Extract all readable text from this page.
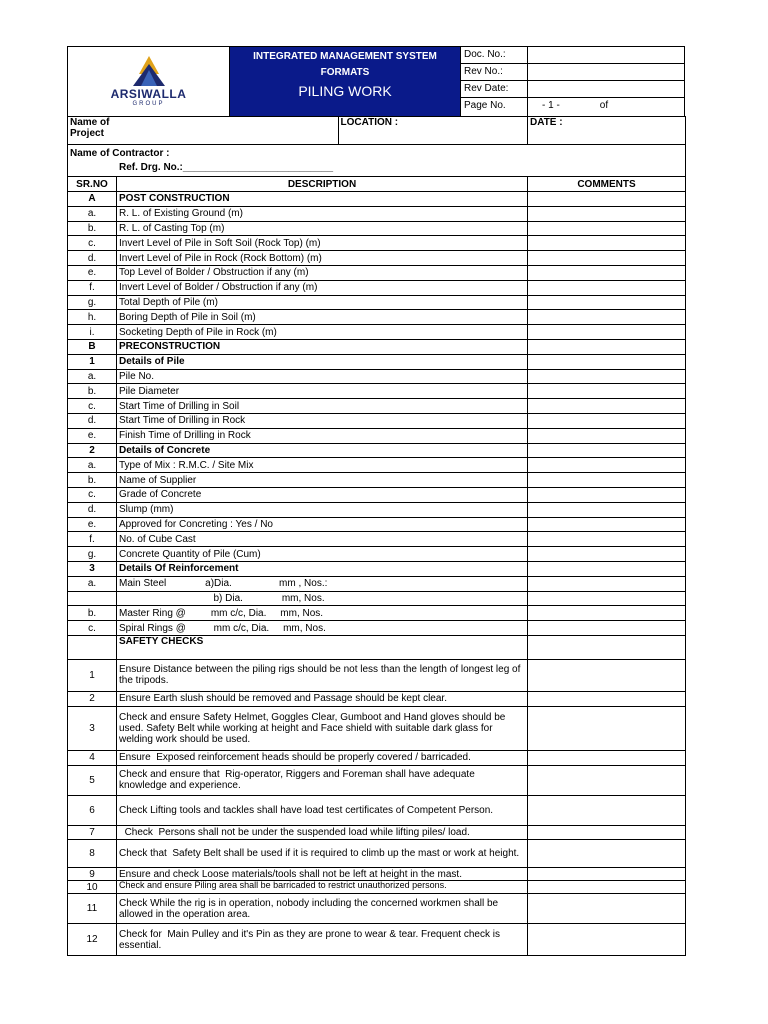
ARSIWALLA
GROUP
INTEGRATED MANAGEMENT SYSTEM
FORMATS
PILING WORK
Doc. No.:
Rev No.:
Rev Date:
Page No.	- 1 -	of
Name of Project	LOCATION :	DATE :

Name of Contractor :
Ref. Drg. No.:___________________________		

SR.NO	DESCRIPTION	COMMENTS
A	POST CONSTRUCTION	
a.	R. L. of Existing Ground (m)	
b.	R. L. of Casting Top (m)	
c.	Invert Level of Pile in Soft Soil (Rock Top) (m)	
d.	Invert Level of Pile in Rock (Rock Bottom) (m)	
e.	Top Level of Bolder / Obstruction if any (m)	
f.	Invert Level of Bolder / Obstruction if any (m)	
g.	Total Depth of Pile (m)	
h.	Boring Depth of Pile in Soil (m)	
i.	Socketing Depth of Pile in Rock (m)	
B	PRECONSTRUCTION	
1	Details of Pile	
a.	Pile No.	
b.	Pile Diameter	
c.	Start Time of Drilling in Soil	
d.	Start Time of Drilling in Rock	
e.	Finish Time of Drilling in Rock	
2	Details of Concrete	
a.	Type of Mix : R.M.C. / Site Mix	
b.	Name of Supplier	
c.	Grade of Concrete	
d.	Slump (mm)	
e.	Approved for Concreting : Yes / No	
f.	No. of Cube Cast	
g.	Concrete Quantity of Pile (Cum)	
3	Details Of Reinforcement	
a.	Main Steel              a)Dia.                 mm , Nos.:	
	b) Dia.              mm, Nos.	
b.	Master Ring @         mm c/c, Dia.     mm, Nos.	
c.	Spiral Rings @          mm c/c, Dia.     mm, Nos.	
	SAFETY CHECKS	
1	Ensure Distance between the piling rigs should be not less than the length of longest leg of the tripods.	
2	Ensure Earth slush should be removed and Passage should be kept clear.	
3	Check and ensure Safety Helmet, Goggles Clear, Gumboot and Hand gloves should be used. Safety Belt while working at height and Face shield with suitable dark glass for welding work should be used.	
4	Ensure  Exposed reinforcement heads should be properly covered / barricaded.	
5	Check and ensure that  Rig-operator, Riggers and Foreman shall have adequate knowledge and experience.	
6	Check Lifting tools and tackles shall have load test certificates of Competent Person.	
7	Check  Persons shall not be under the suspended load while lifting piles/ load.	
8	Check that  Safety Belt shall be used if it is required to climb up the mast or work at height.	
9	Ensure and check Loose materials/tools shall not be left at height in the mast.	
10	Check and ensure Piling area shall be barricaded to restrict unauthorized persons.	

11	Check While the rig is in operation, nobody including the concerned workmen shall be allowed in the operation area.	
12	Check for  Main Pulley and it's Pin as they are prone to wear & tear. Frequent check is essential.	
